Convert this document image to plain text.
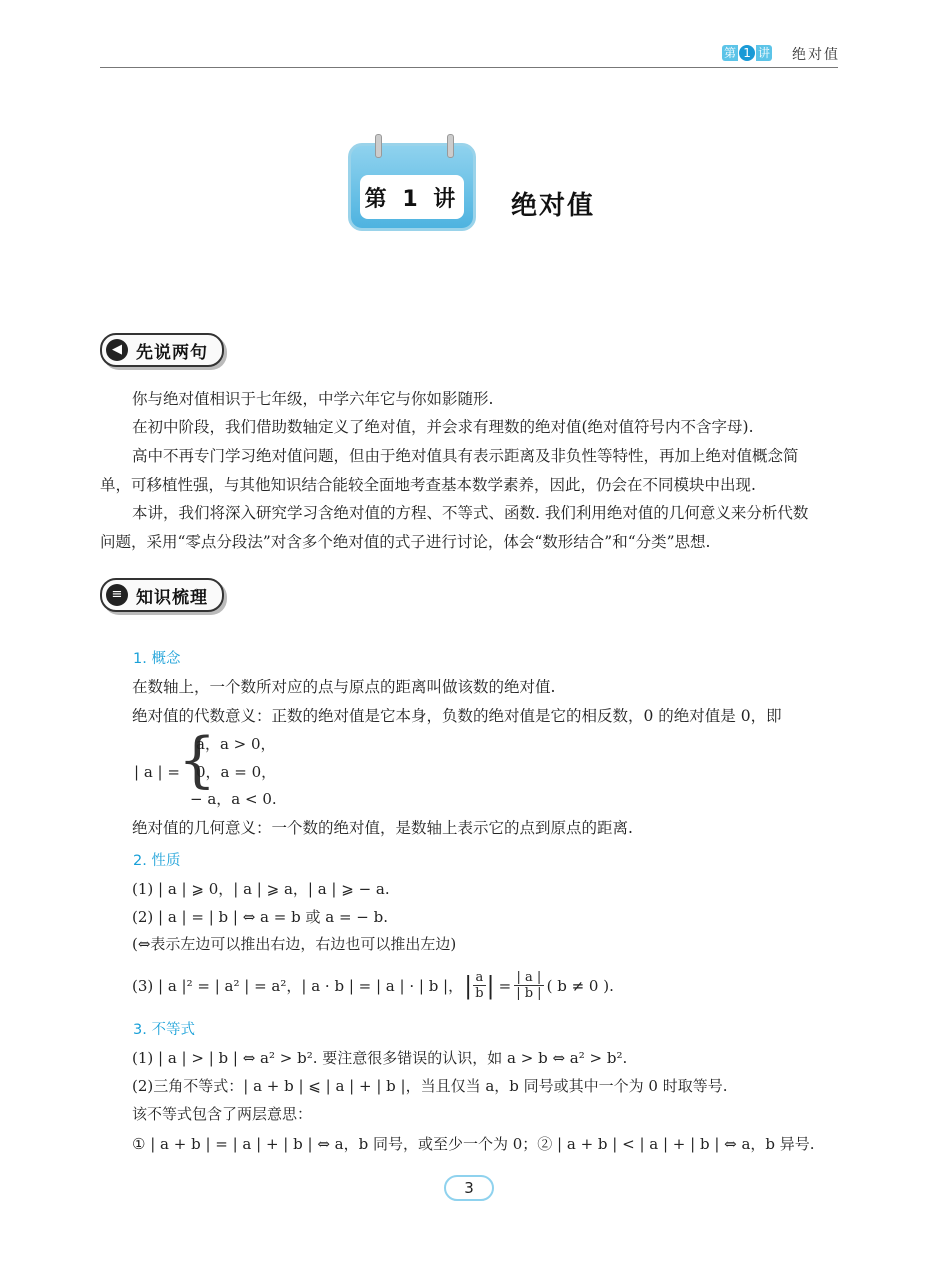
第 1 讲 绝对值
第 1 讲 绝对值
◀ 先说两句
你与绝对值相识于七年级，中学六年它与你如影随形.
在初中阶段，我们借助数轴定义了绝对值，并会求有理数的绝对值(绝对值符号内不含字母).
高中不再专门学习绝对值问题，但由于绝对值具有表示距离及非负性等特性，再加上绝对值概念简
单，可移植性强，与其他知识结合能较全面地考查基本数学素养，因此，仍会在不同模块中出现.
本讲，我们将深入研究学习含绝对值的方程、不等式、函数. 我们利用绝对值的几何意义来分析代数
问题，采用“零点分段法”对含多个绝对值的式子进行讨论，体会“数形结合”和“分类”思想.
≡ 知识梳理
1. 概念
在数轴上，一个数所对应的点与原点的距离叫做该数的绝对值.
绝对值的代数意义：正数的绝对值是它本身，负数的绝对值是它的相反数，0 的绝对值是 0，即
| a | =
{
a，a > 0，
0，a = 0，
− a，a < 0.
绝对值的几何意义：一个数的绝对值，是数轴上表示它的点到原点的距离.
2. 性质
(1) | a | ⩾ 0，| a | ⩾ a，| a | ⩾ − a.
(2) | a | = | b | ⇔ a = b 或 a = − b.
(⇔表示左边可以推出右边，右边也可以推出左边)
(3) | a |² = | a² | = a²，| a · b | = | a | · | b |， | $\frac{a}{b}$ | = $\frac{| a |}{| b |}$ ( b ≠ 0 ).
3. 不等式
(1) | a | > | b | ⇔ a² > b². 要注意很多错误的认识，如 a > b ⇔ a² > b².
(2)三角不等式：| a + b | ⩽ | a | + | b |，当且仅当 a，b 同号或其中一个为 0 时取等号.
该不等式包含了两层意思：
① | a + b | = | a | + | b | ⇔ a，b 同号，或至少一个为 0；② | a + b | < | a | + | b | ⇔ a，b 异号.
3
